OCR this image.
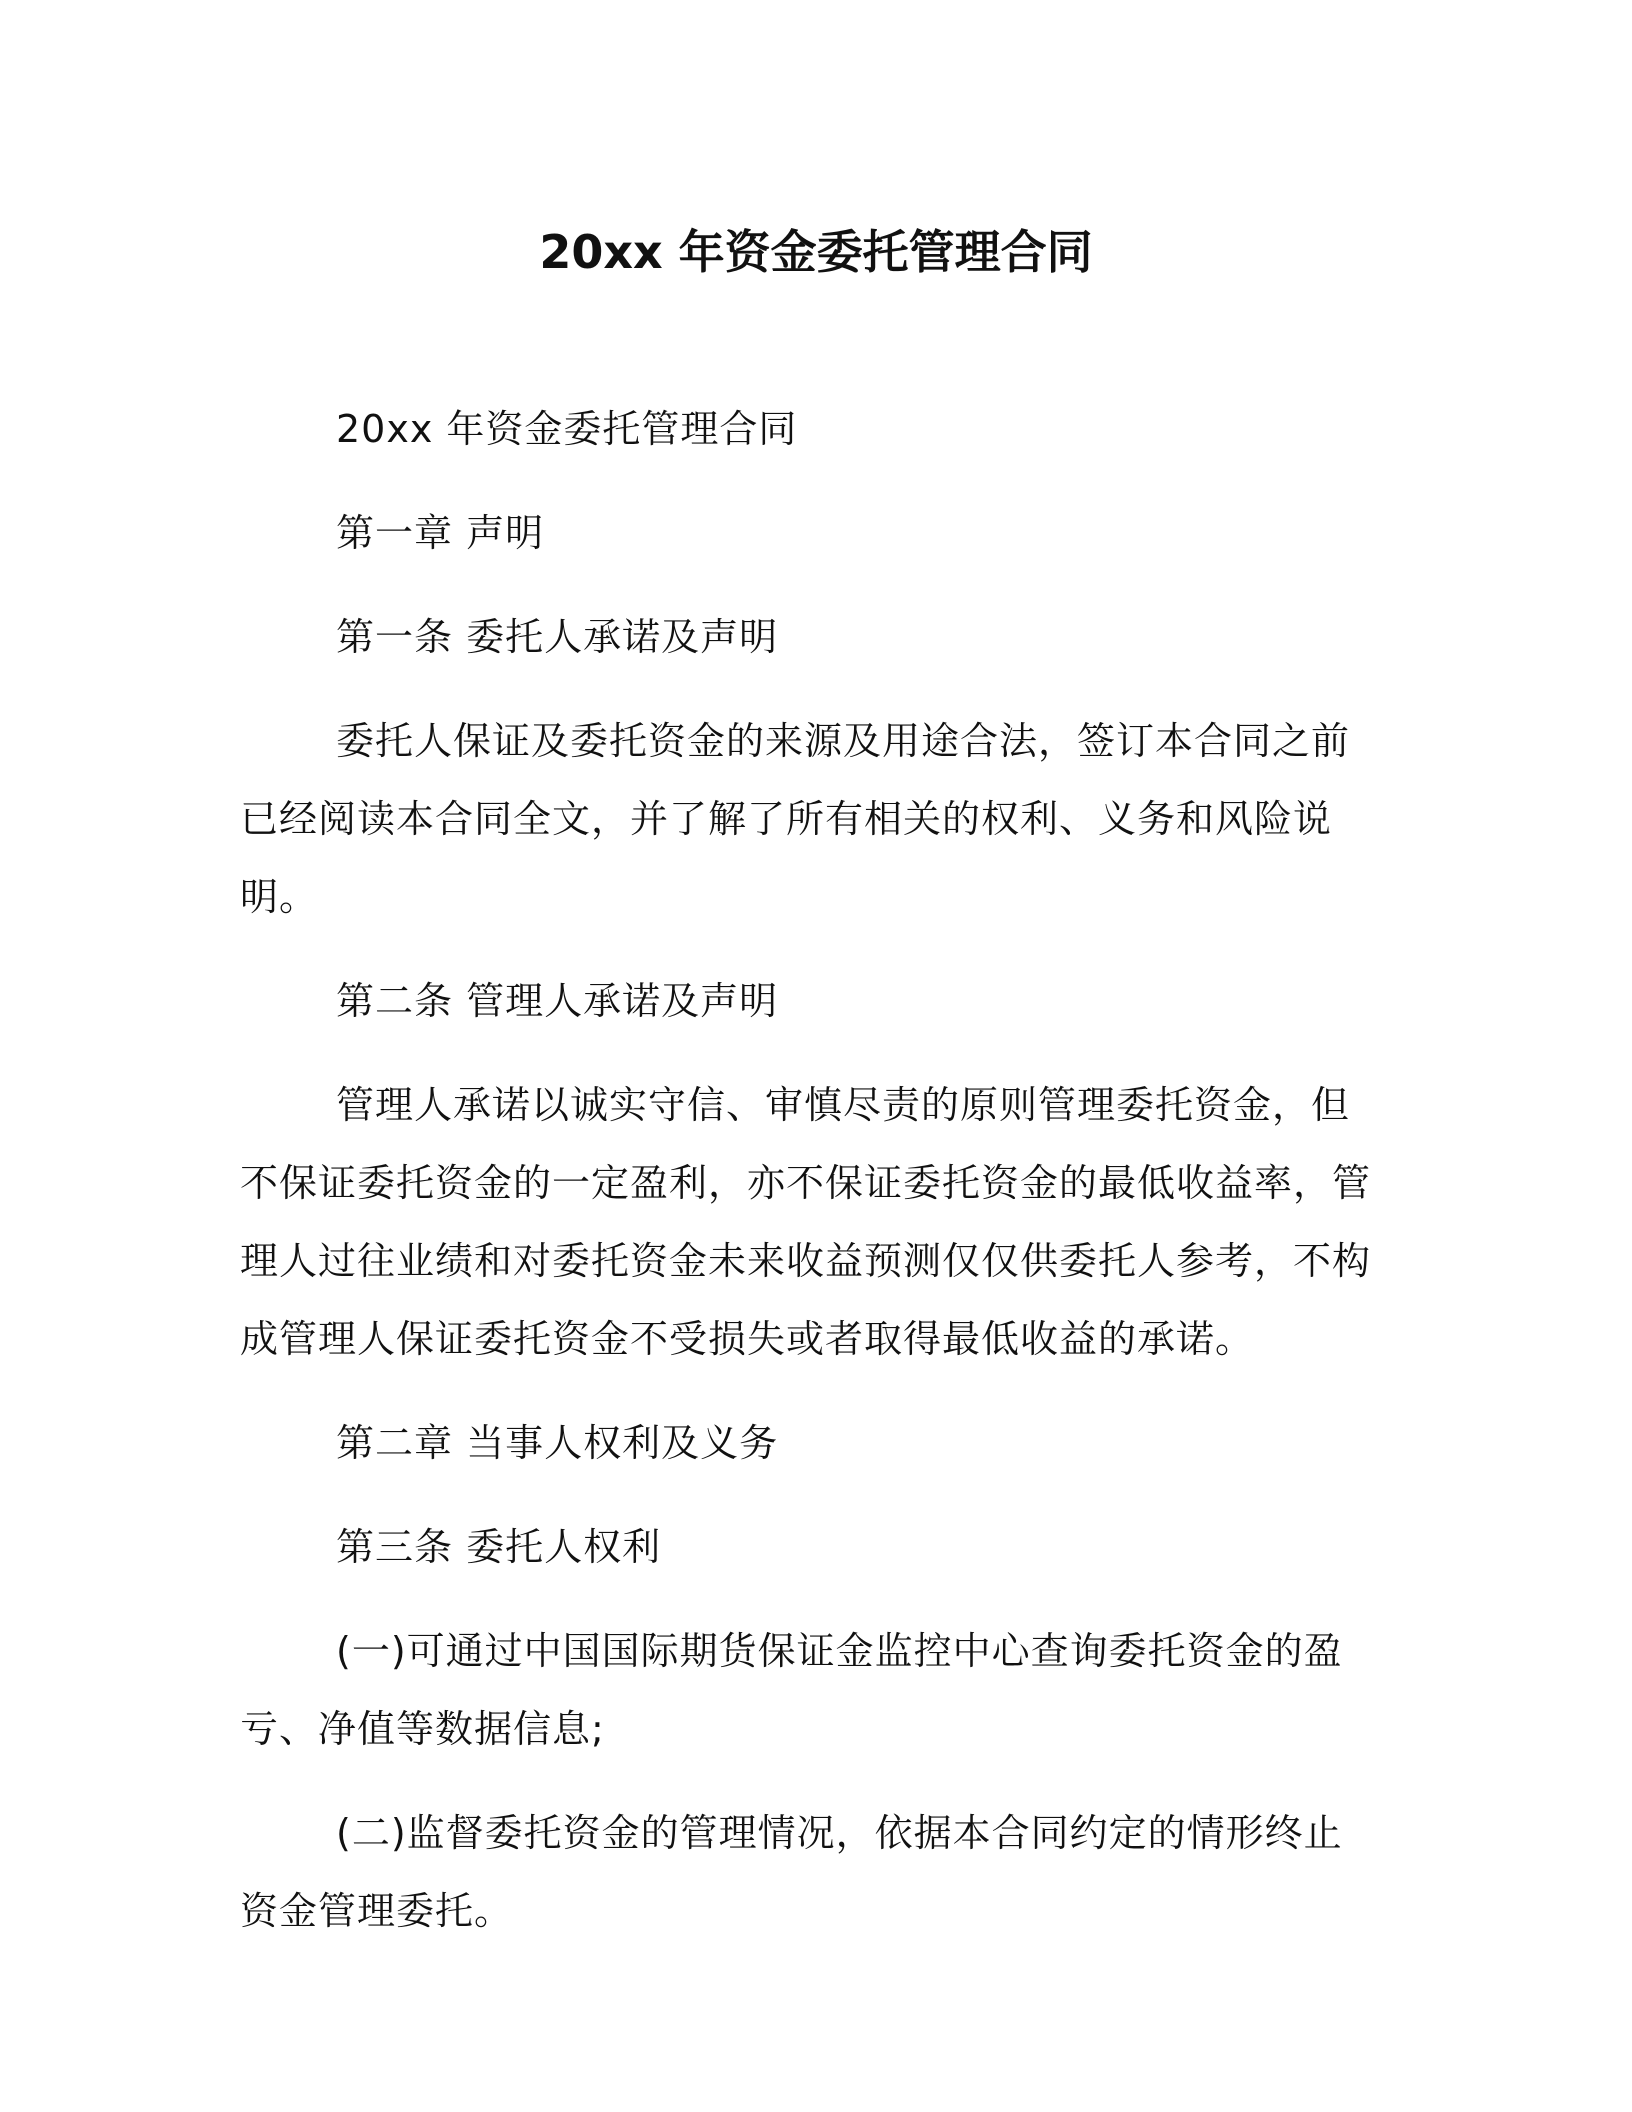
20xx 年资金委托管理合同

20xx 年资金委托管理合同

第一章 声明

第一条 委托人承诺及声明

委托人保证及委托资金的来源及用途合法，签订本合同之前已经阅读本合同全文，并了解了所有相关的权利、义务和风险说明。

第二条 管理人承诺及声明

管理人承诺以诚实守信、审慎尽责的原则管理委托资金，但不保证委托资金的一定盈利，亦不保证委托资金的最低收益率，管理人过往业绩和对委托资金未来收益预测仅仅供委托人参考，不构成管理人保证委托资金不受损失或者取得最低收益的承诺。

第二章 当事人权利及义务

第三条 委托人权利

(一)可通过中国国际期货保证金监控中心查询委托资金的盈亏、净值等数据信息;

(二)监督委托资金的管理情况，依据本合同约定的情形终止资金管理委托。
